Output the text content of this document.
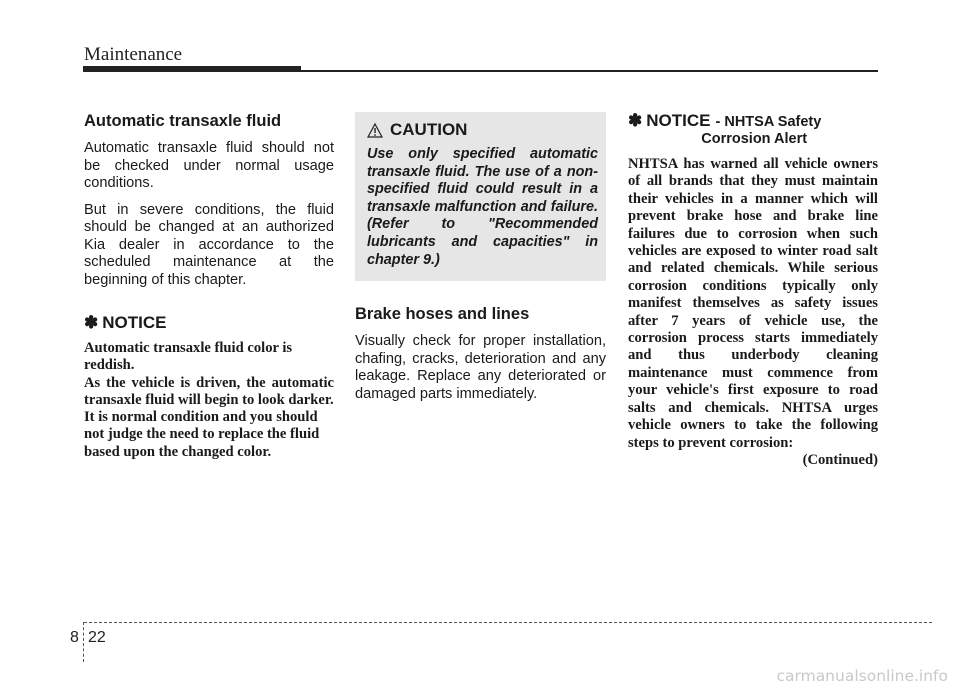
Maintenance
Automatic transaxle fluid

Automatic transaxle fluid should not be checked under normal usage conditions.

But in severe conditions, the fluid should be changed at an authorized Kia dealer in accordance to the scheduled maintenance at the beginning of this chapter.

✽ NOTICE

Automatic transaxle fluid color is reddish.

As the vehicle is driven, the automatic transaxle fluid will begin to look darker.

It is normal condition and you should not judge the need to replace the fluid based upon the changed color.

CAUTION

Use only specified automatic transaxle fluid. The use of a non-specified fluid could result in a transaxle malfunction and failure. (Refer to "Recommended lubricants and capacities" in chapter 9.)

Brake hoses and lines

Visually check for proper installation, chafing, cracks, deterioration and any leakage. Replace any deteriorated or damaged parts immediately.

✽ NOTICE - NHTSA Safety
Corrosion Alert

NHTSA has warned all vehicle owners of all brands that they must maintain their vehicles in a manner which will prevent brake hose and brake line failures due to corrosion when such vehicles are exposed to winter road salt and related chemicals. While serious corrosion conditions typically only manifest themselves as safety issues after 7 years of vehicle use, the corrosion process starts immediately and thus underbody cleaning maintenance must commence from your vehicle's first exposure to road salts and chemicals. NHTSA urges vehicle owners to take the following steps to prevent corrosion:

(Continued)
8 22
carmanualsonline.info
